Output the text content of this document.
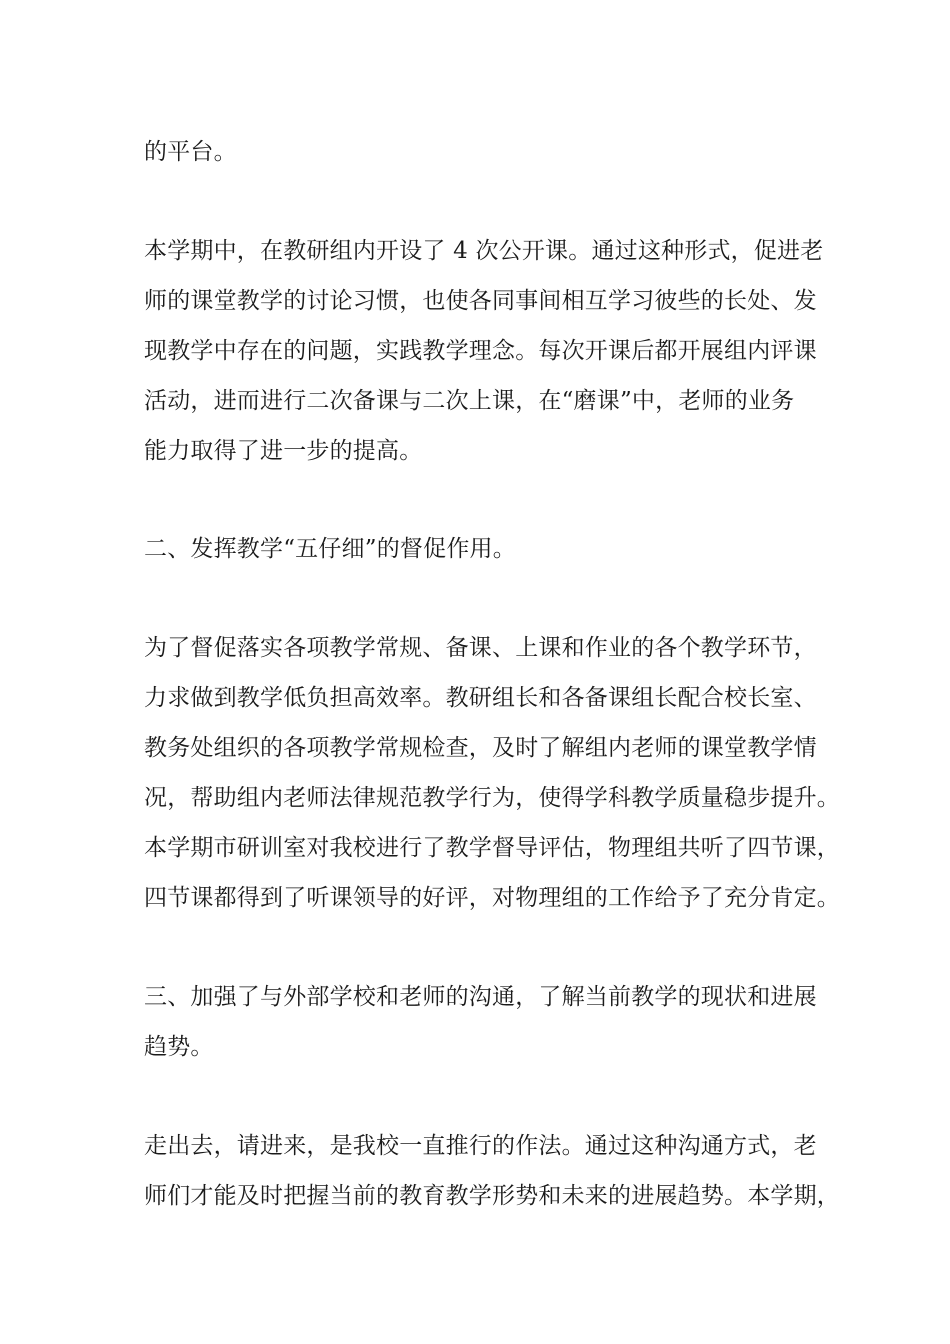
的平台。

本学期中，在教研组内开设了 4 次公开课。通过这种形式，促进老

师的课堂教学的讨论习惯，也使各同事间相互学习彼些的长处、发

现教学中存在的问题，实践教学理念。每次开课后都开展组内评课

活动，进而进行二次备课与二次上课，在“磨课”中，老师的业务

能力取得了进一步的提高。

二、发挥教学“五仔细”的督促作用。

为了督促落实各项教学常规、备课、上课和作业的各个教学环节，

力求做到教学低负担高效率。教研组长和各备课组长配合校长室、

教务处组织的各项教学常规检查，及时了解组内老师的课堂教学情

况，帮助组内老师法律规范教学行为，使得学科教学质量稳步提升。

本学期市研训室对我校进行了教学督导评估，物理组共听了四节课，

四节课都得到了听课领导的好评，对物理组的工作给予了充分肯定。

三、加强了与外部学校和老师的沟通，了解当前教学的现状和进展

趋势。

走出去，请进来，是我校一直推行的作法。通过这种沟通方式，老

师们才能及时把握当前的教育教学形势和未来的进展趋势。本学期，
